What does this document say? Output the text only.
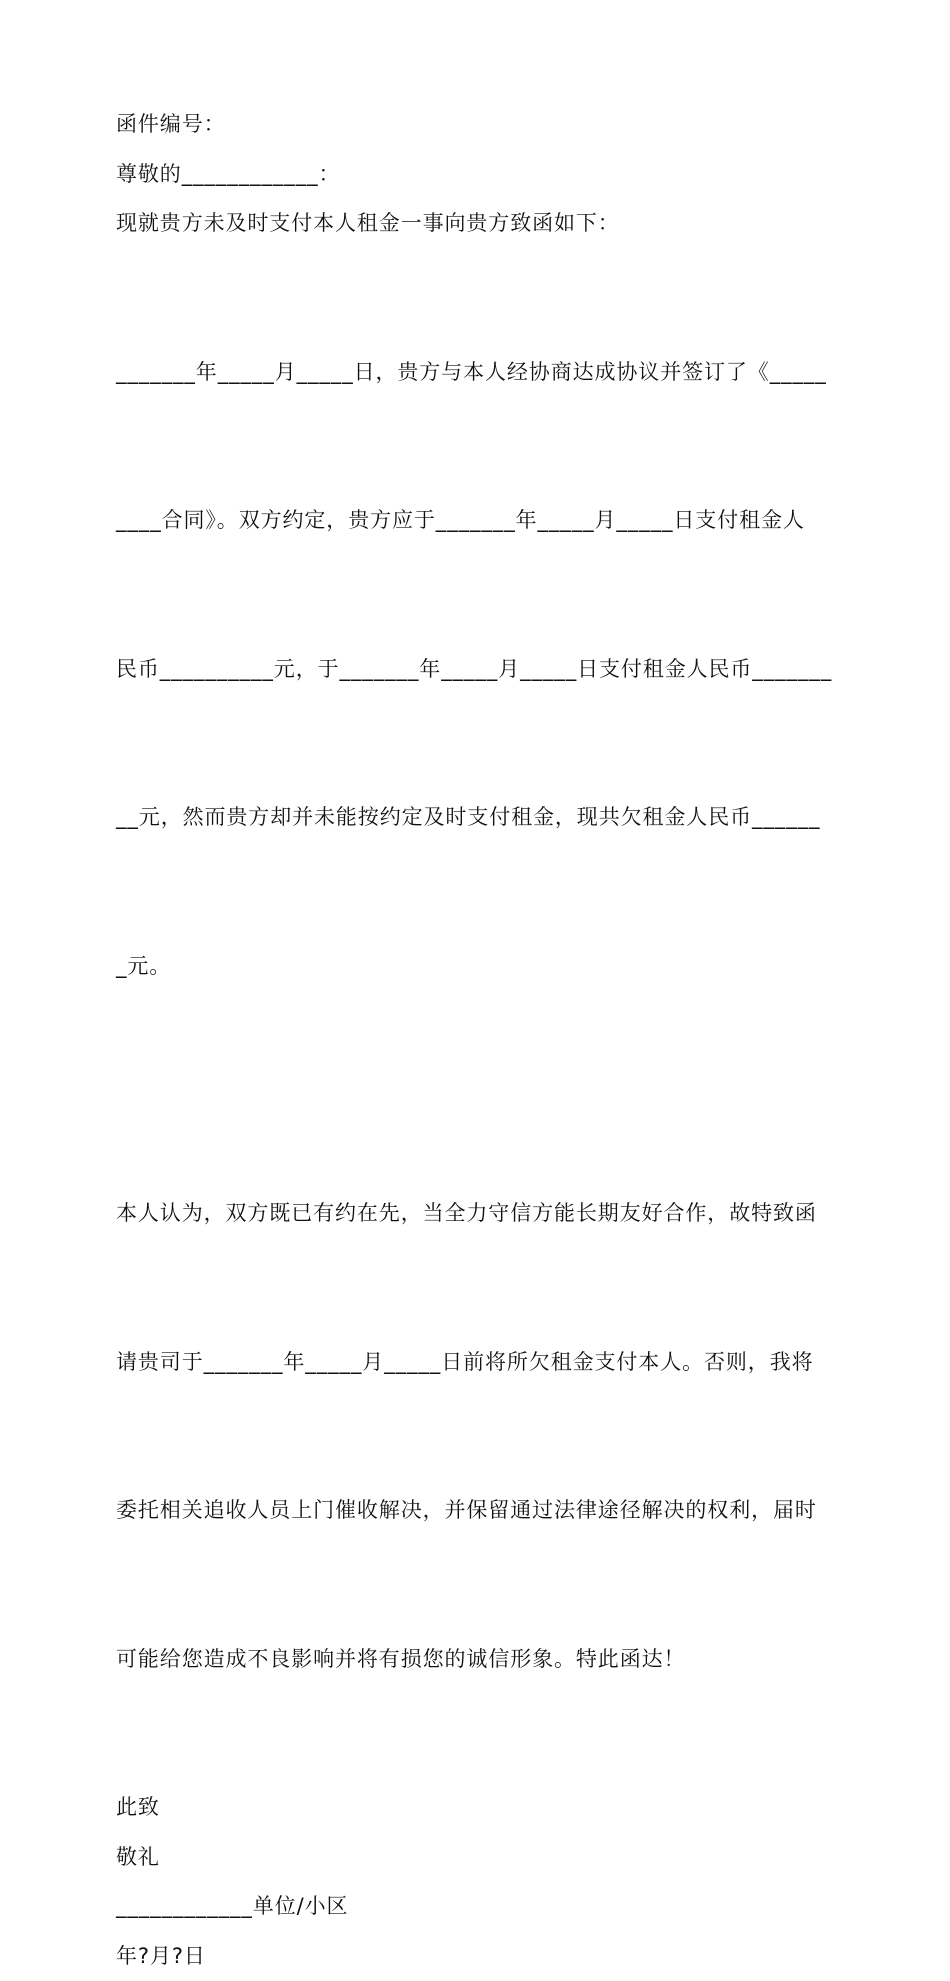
函件编号：
尊敬的____________：
现就贵方未及时支付本人租金一事向贵方致函如下：

_______年_____月_____日，贵方与本人经协商达成协议并签订了《_____

____合同》。双方约定，贵方应于_______年_____月_____日支付租金人

民币__________元，于_______年_____月_____日支付租金人民币_______

__元，然而贵方却并未能按约定及时支付租金，现共欠租金人民币______

_元。

本人认为，双方既已有约在先，当全力守信方能长期友好合作，故特致函

请贵司于_______年_____月_____日前将所欠租金支付本人。否则，我将

委托相关追收人员上门催收解决，并保留通过法律途径解决的权利，届时

可能给您造成不良影响并将有损您的诚信形象。特此函达！

此致
敬礼
____________单位/小区
年?月?日
